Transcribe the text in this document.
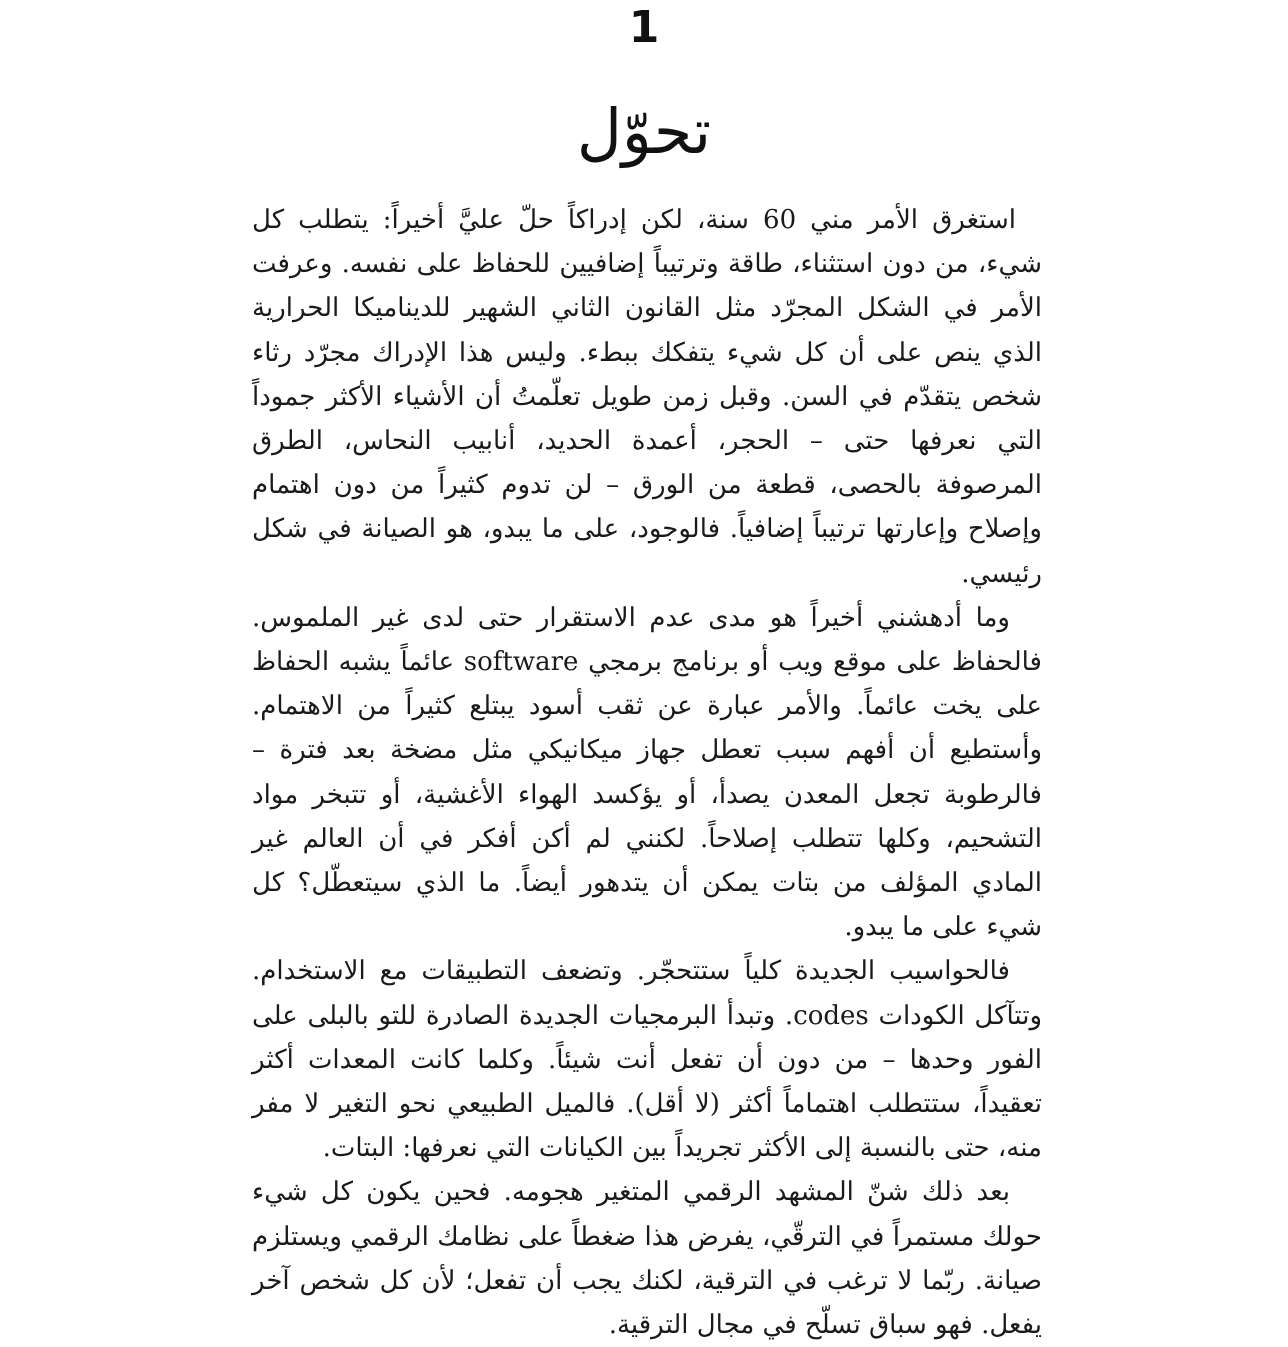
1
تحوّل

استغرق الأمر مني 60 سنة، لكن إدراكاً حلّ عليَّ أخيراً: يتطلب كل شيء، من دون استثناء، طاقة وترتيباً إضافيين للحفاظ على نفسه. وعرفت الأمر في الشكل المجرّد مثل القانون الثاني الشهير للديناميكا الحرارية الذي ينص على أن كل شيء يتفكك ببطء. وليس هذا الإدراك مجرّد رثاء شخص يتقدّم في السن. وقبل زمن طويل تعلّمتُ أن الأشياء الأكثر جموداً التي نعرفها حتى – الحجر، أعمدة الحديد، أنابيب النحاس، الطرق المرصوفة بالحصى، قطعة من الورق – لن تدوم كثيراً من دون اهتمام وإصلاح وإعارتها ترتيباً إضافياً. فالوجود، على ما يبدو، هو الصيانة في شكل رئيسي.

وما أدهشني أخيراً هو مدى عدم الاستقرار حتى لدى غير الملموس. فالحفاظ على موقع ويب أو برنامج برمجي software عائماً يشبه الحفاظ على يخت عائماً. والأمر عبارة عن ثقب أسود يبتلع كثيراً من الاهتمام. وأستطيع أن أفهم سبب تعطل جهاز ميكانيكي مثل مضخة بعد فترة – فالرطوبة تجعل المعدن يصدأ، أو يؤكسد الهواء الأغشية، أو تتبخر مواد التشحيم، وكلها تتطلب إصلاحاً. لكنني لم أكن أفكر في أن العالم غير المادي المؤلف من بتات يمكن أن يتدهور أيضاً. ما الذي سيتعطّل؟ كل شيء على ما يبدو.

فالحواسيب الجديدة كلياً ستتحجّر. وتضعف التطبيقات مع الاستخدام. وتتآكل الكودات codes. وتبدأ البرمجيات الجديدة الصادرة للتو بالبلى على الفور وحدها – من دون أن تفعل أنت شيئاً. وكلما كانت المعدات أكثر تعقيداً، ستتطلب اهتماماً أكثر (لا أقل). فالميل الطبيعي نحو التغير لا مفر منه، حتى بالنسبة إلى الأكثر تجريداً بين الكيانات التي نعرفها: البتات.

بعد ذلك شنّ المشهد الرقمي المتغير هجومه. فحين يكون كل شيء حولك مستمراً في الترقّي، يفرض هذا ضغطاً على نظامك الرقمي ويستلزم صيانة. ربّما لا ترغب في الترقية، لكنك يجب أن تفعل؛ لأن كل شخص آخر يفعل. فهو سباق تسلّح في مجال الترقية.
